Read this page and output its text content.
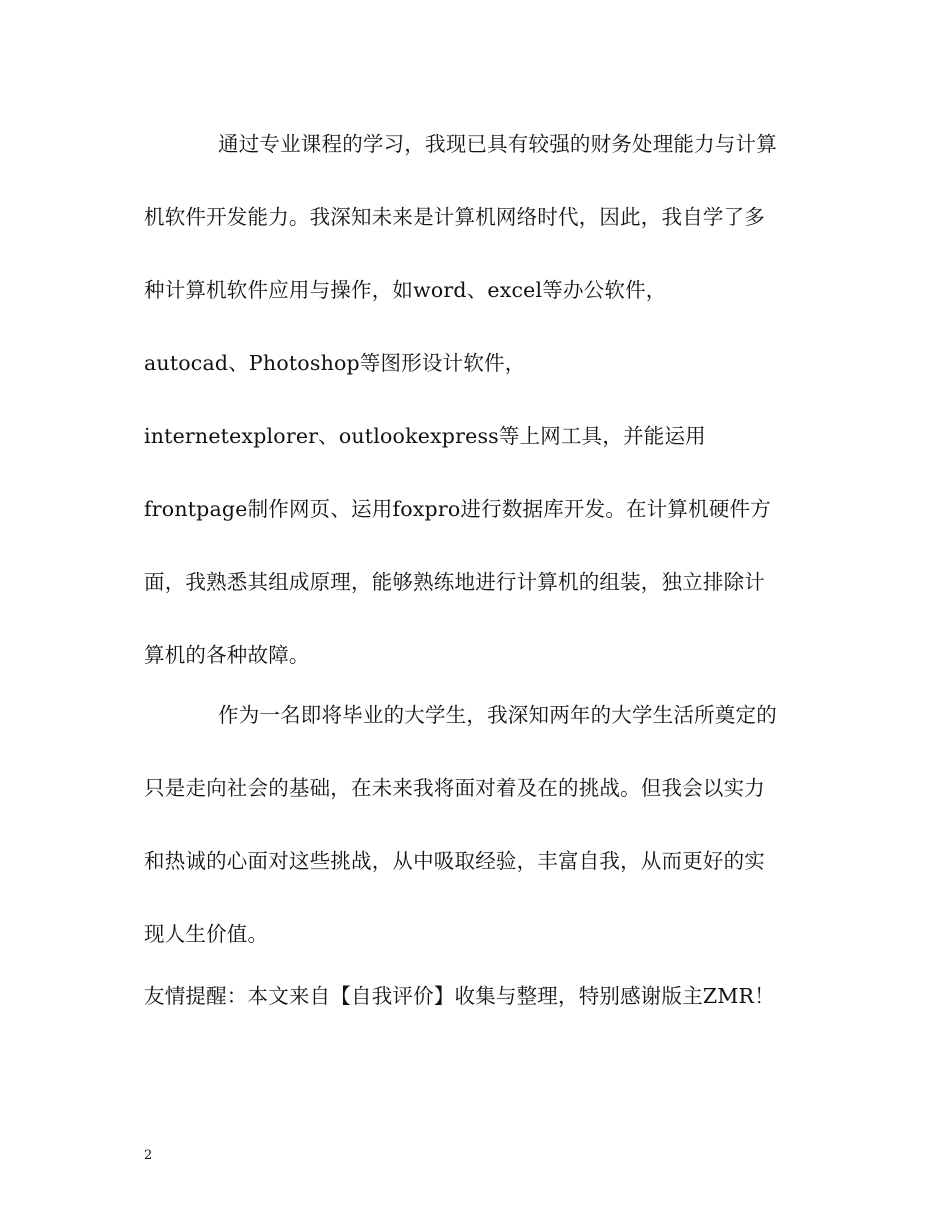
通过专业课程的学习，我现已具有较强的财务处理能力与计算
机软件开发能力。我深知未来是计算机网络时代，因此，我自学了多
种计算机软件应用与操作，如word、excel等办公软件，
autocad、Photoshop等图形设计软件，
internetexplorer、outlookexpress等上网工具，并能运用
frontpage制作网页、运用foxpro进行数据库开发。在计算机硬件方
面，我熟悉其组成原理，能够熟练地进行计算机的组装，独立排除计
算机的各种故障。
作为一名即将毕业的大学生，我深知两年的大学生活所奠定的
只是走向社会的基础，在未来我将面对着及在的挑战。但我会以实力
和热诚的心面对这些挑战，从中吸取经验，丰富自我，从而更好的实
现人生价值。
友情提醒：本文来自【自我评价】收集与整理，特别感谢版主ZMR！
2
